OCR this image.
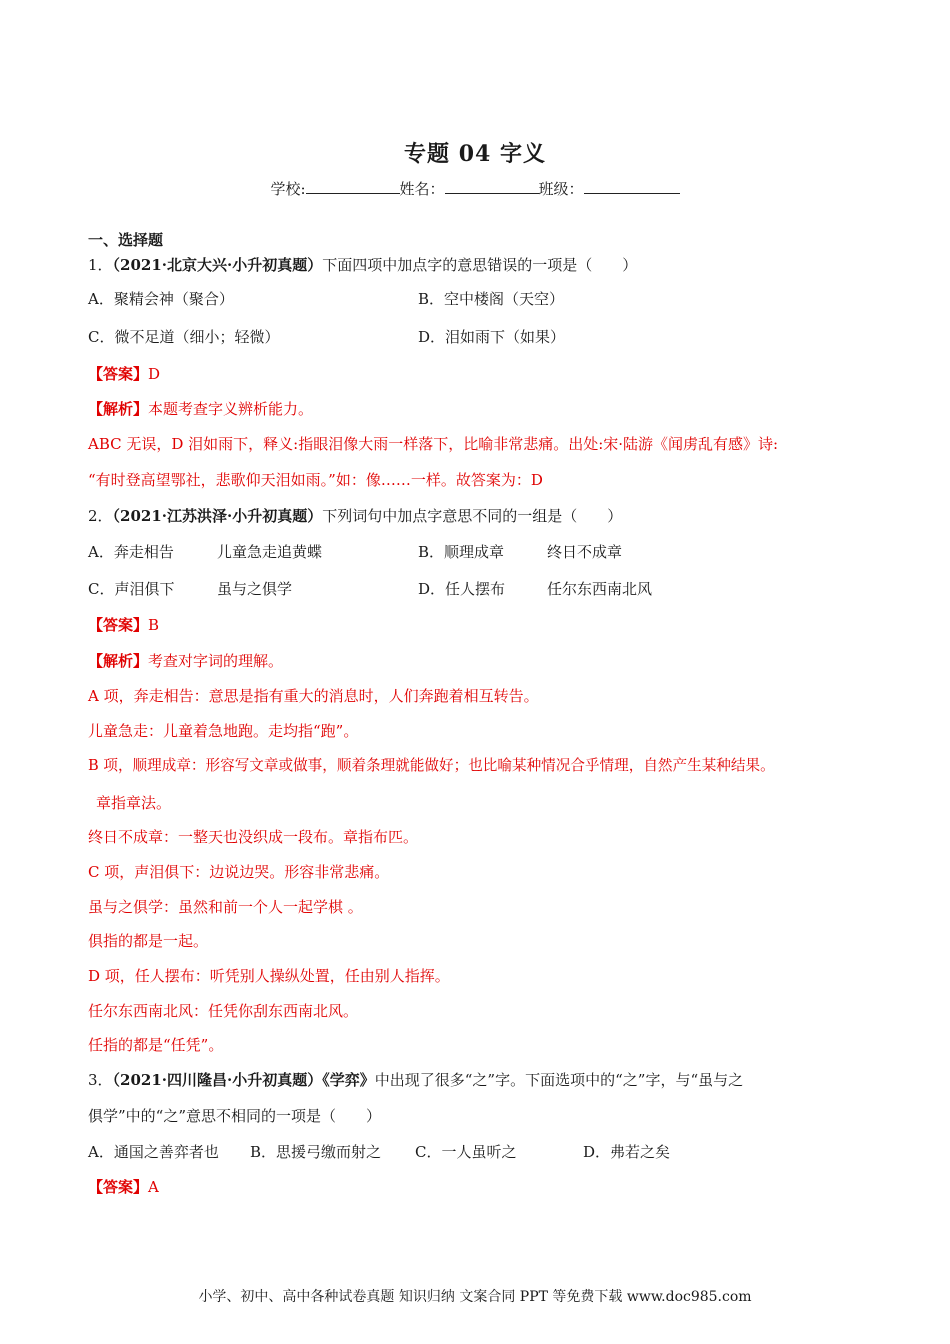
专题 04 字义
学校:	姓名：	班级：
一、选择题
1．（2021·北京大兴·小升初真题）下面四项中加点字的意思错误的一项是（　　）
A．聚精会神（聚合）	B．空中楼阁（天空）
C．微不足道（细小；轻微）	D．泪如雨下（如果）
【答案】D
【解析】本题考查字义辨析能力。
ABC 无误，D 泪如雨下，释义:指眼泪像大雨一样落下，比喻非常悲痛。出处:宋·陆游《闻虏乱有感》诗:
“有时登高望鄂社，悲歌仰天泪如雨。”如：像……一样。故答案为：D
2．（2021·江苏洪泽·小升初真题）下列词句中加点字意思不同的一组是（　　）
A．奔走相告	儿童急走追黄蝶	B．顺理成章	终日不成章
C．声泪俱下	虽与之俱学	D．任人摆布	任尔东西南北风
【答案】B
【解析】考查对字词的理解。
A 项，奔走相告：意思是指有重大的消息时，人们奔跑着相互转告。
儿童急走：儿童着急地跑。走均指“跑”。
B 项，顺理成章：形容写文章或做事，顺着条理就能做好；也比喻某种情况合乎情理，自然产生某种结果。
章指章法。
终日不成章：一整天也没织成一段布。章指布匹。
C 项，声泪俱下：边说边哭。形容非常悲痛。
虽与之俱学：虽然和前一个人一起学棋 。
俱指的都是一起。
D 项，任人摆布：听凭别人操纵处置，任由别人指挥。
任尔东西南北风：任凭你刮东西南北风。
任指的都是“任凭”。
3．（2021·四川隆昌·小升初真题）《学弈》中出现了很多“之”字。下面选项中的“之”字，与“虽与之
俱学”中的“之”意思不相同的一项是（　　）
A．通国之善弈者也 B．思援弓缴而射之 C．一人虽听之	D．弗若之矣
【答案】A
小学、初中、高中各种试卷真题 知识归纳 文案合同 PPT 等免费下载 www.doc985.com
